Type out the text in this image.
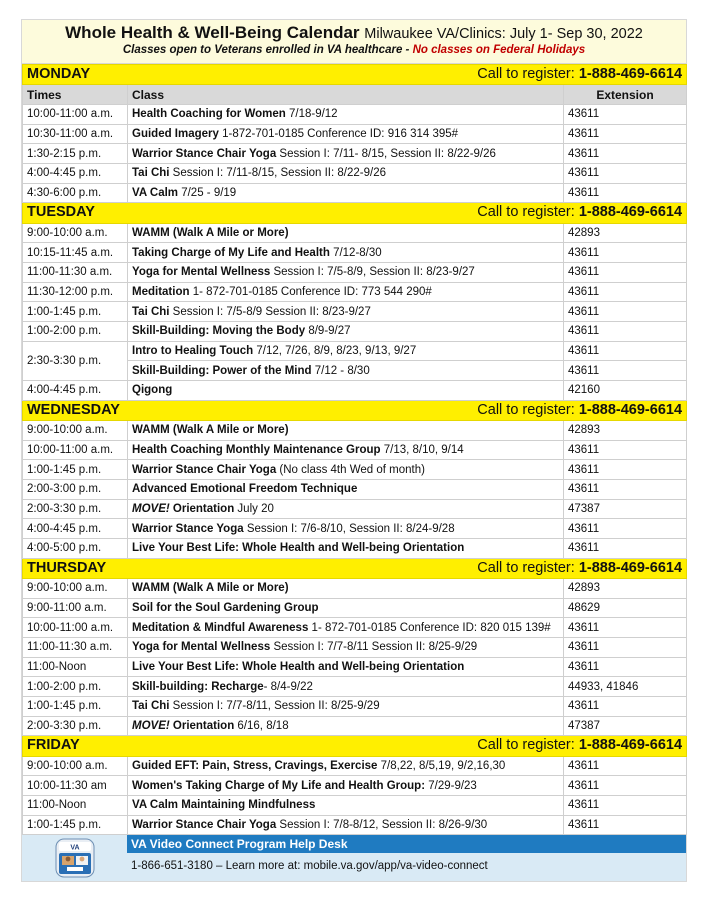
Whole Health & Well-Being Calendar Milwaukee VA/Clinics: July 1- Sep 30, 2022
Classes open to Veterans enrolled in VA healthcare - No classes on Federal Holidays
MONDAY Call to register: 1-888-469-6614		

Times	Class	Extension
10:00-11:00 a.m.	Health Coaching for Women 7/18-9/12	43611
10:30-11:00 a.m.	Guided Imagery 1-872-701-0185 Conference ID: 916 314 395#	43611
1:30-2:15 p.m.	Warrior Stance Chair Yoga Session I: 7/11- 8/15, Session II: 8/22-9/26	43611
4:00-4:45 p.m.	Tai Chi Session I: 7/11-8/15, Session II: 8/22-9/26	43611
4:30-6:00 p.m.	VA Calm 7/25 - 9/19	43611
TUESDAY Call to register: 1-888-469-6614		

9:00-10:00 a.m.	WAMM (Walk A Mile or More)	42893
10:15-11:45 a.m.	Taking Charge of My Life and Health 7/12-8/30	43611
11:00-11:30 a.m.	Yoga for Mental Wellness Session I: 7/5-8/9, Session II: 8/23-9/27	43611
11:30-12:00 p.m.	Meditation 1- 872-701-0185 Conference ID: 773 544 290#	43611
1:00-1:45 p.m.	Tai Chi Session I: 7/5-8/9 Session II: 8/23-9/27	43611
1:00-2:00 p.m.	Skill-Building: Moving the Body 8/9-9/27	43611
2:30-3:30 p.m.	Intro to Healing Touch 7/12, 7/26, 8/9, 8/23, 9/13, 9/27	43611
	Skill-Building: Power of the Mind 7/12 - 8/30	43611
4:00-4:45 p.m.	Qigong	42160
WEDNESDAY Call to register: 1-888-469-6614		

9:00-10:00 a.m.	WAMM (Walk A Mile or More)	42893
10:00-11:00 a.m.	Health Coaching Monthly Maintenance Group 7/13, 8/10, 9/14	43611
1:00-1:45 p.m.	Warrior Stance Chair Yoga (No class 4th Wed of month)	43611
2:00-3:00 p.m.	Advanced Emotional Freedom Technique	43611
2:00-3:30 p.m.	MOVE! Orientation July 20	47387
4:00-4:45 p.m.	Warrior Stance Yoga Session I: 7/6-8/10, Session II: 8/24-9/28	43611
4:00-5:00 p.m.	Live Your Best Life: Whole Health and Well-being Orientation	43611
THURSDAY Call to register: 1-888-469-6614		

9:00-10:00 a.m.	WAMM (Walk A Mile or More)	42893
9:00-11:00 a.m.	Soil for the Soul Gardening Group	48629
10:00-11:00 a.m.	Meditation & Mindful Awareness 1- 872-701-0185 Conference ID: 820 015 139#	43611
11:00-11:30 a.m.	Yoga for Mental Wellness Session I: 7/7-8/11 Session II: 8/25-9/29	43611
11:00-Noon	Live Your Best Life: Whole Health and Well-being Orientation	43611
1:00-2:00 p.m.	Skill-building: Recharge- 8/4-9/22	44933, 41846
1:00-1:45 p.m.	Tai Chi Session I: 7/7-8/11, Session II: 8/25-9/29	43611
2:00-3:30 p.m.	MOVE! Orientation 6/16, 8/18	47387
FRIDAY Call to register: 1-888-469-6614		

9:00-10:00 a.m.	Guided EFT: Pain, Stress, Cravings, Exercise 7/8,22, 8/5,19, 9/2,16,30	43611
10:00-11:30 am	Women's Taking Charge of My Life and Health Group: 7/29-9/23	43611
11:00-Noon	VA Calm Maintaining Mindfulness	43611
1:00-1:45 p.m.	Warrior Stance Chair Yoga Session I: 7/8-8/12, Session II: 8/26-9/30	43611
VA	VA Video Connect Program Help Desk
1-866-651-3180 – Learn more at: mobile.va.gov/app/va-video-connect
